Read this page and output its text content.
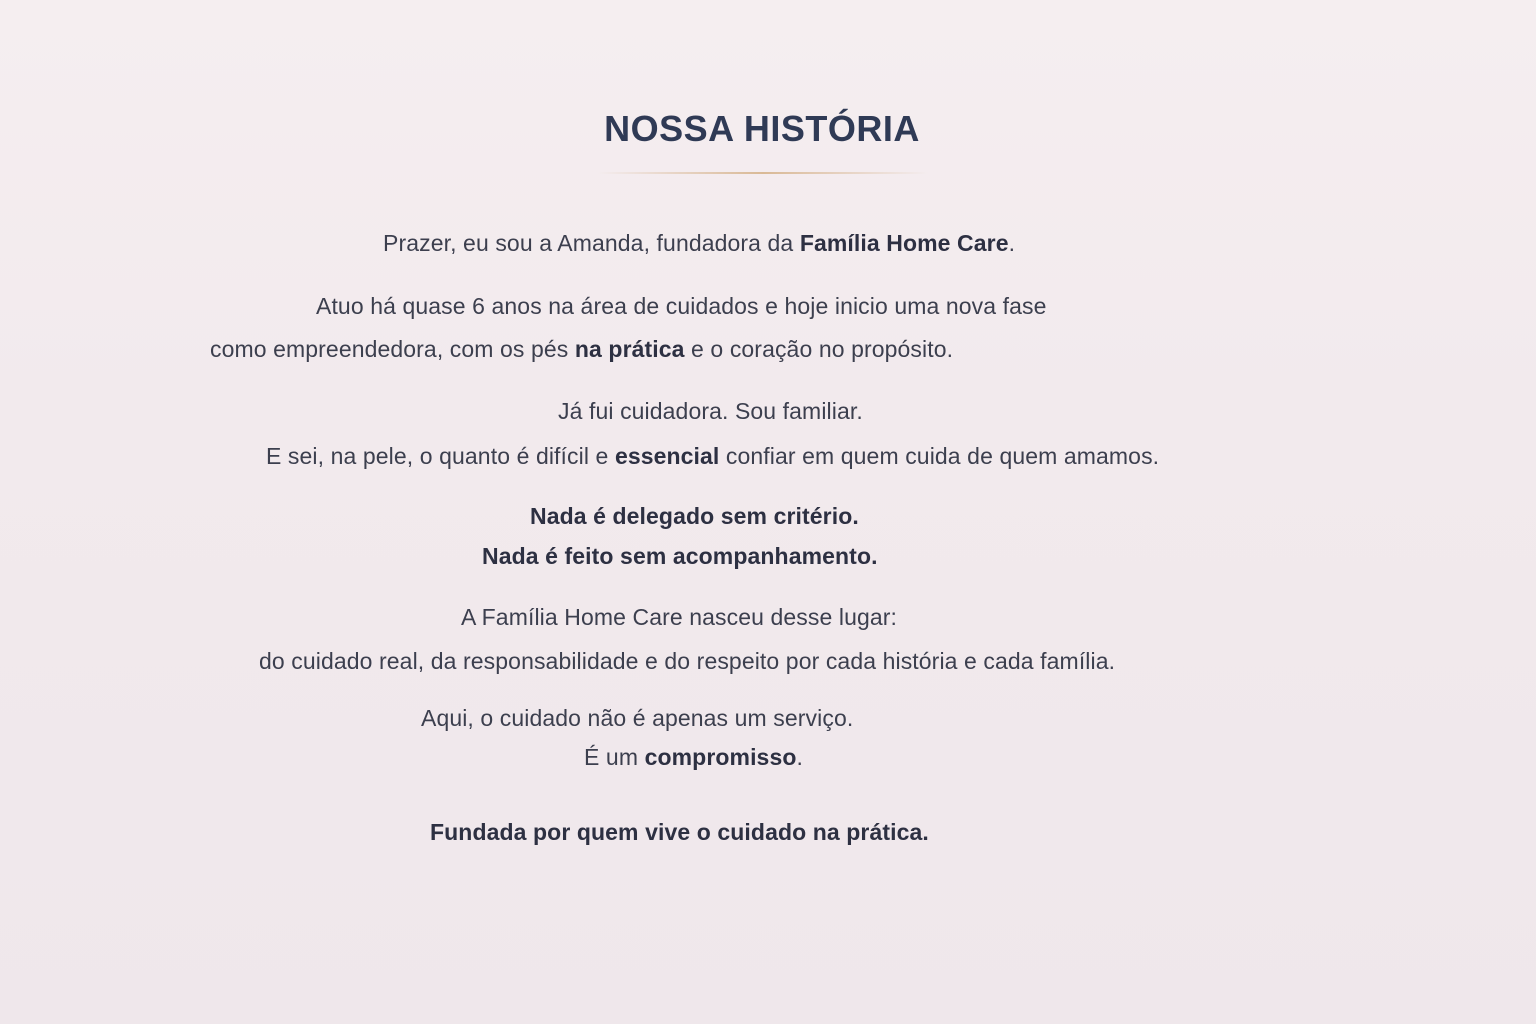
NOSSA HISTÓRIA
Prazer, eu sou a Amanda, fundadora da Família Home Care.
Atuo há quase 6 anos na área de cuidados e hoje inicio uma nova fase
como empreendedora, com os pés na prática e o coração no propósito.
Já fui cuidadora. Sou familiar.
E sei, na pele, o quanto é difícil e essencial confiar em quem cuida de quem amamos.
Nada é delegado sem critério.
Nada é feito sem acompanhamento.
A Família Home Care nasceu desse lugar:
do cuidado real, da responsabilidade e do respeito por cada história e cada família.
Aqui, o cuidado não é apenas um serviço.
É um compromisso.
Fundada por quem vive o cuidado na prática.
